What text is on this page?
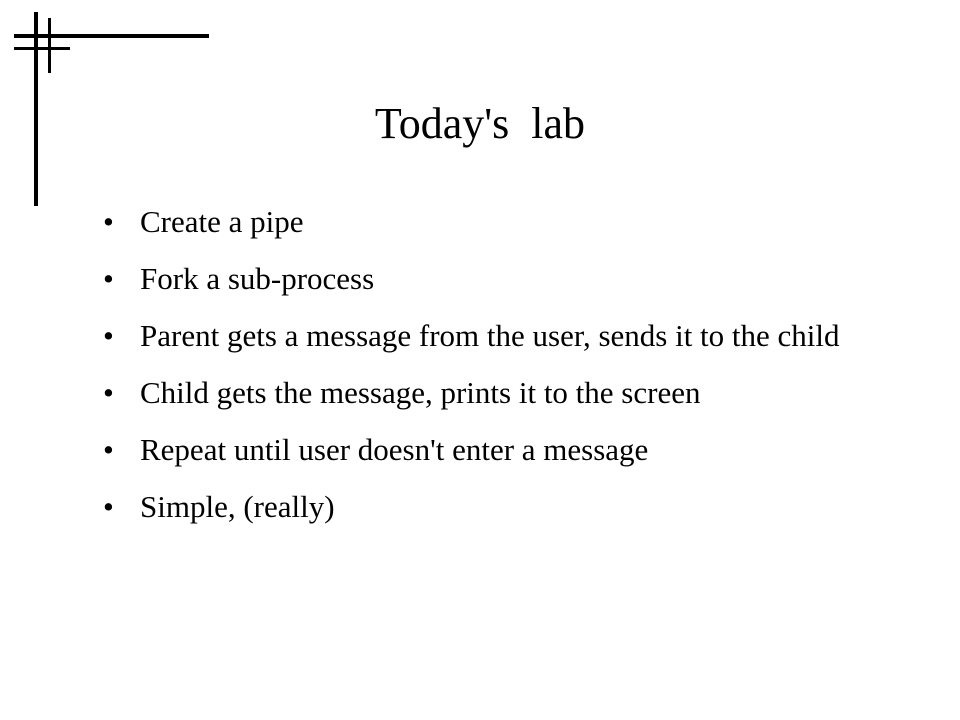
Today's  lab
• Create a pipe
• Fork a sub-process
• Parent gets a message from the user, sends it to the child
• Child gets the message, prints it to the screen
• Repeat until user doesn't enter a message
• Simple, (really)
